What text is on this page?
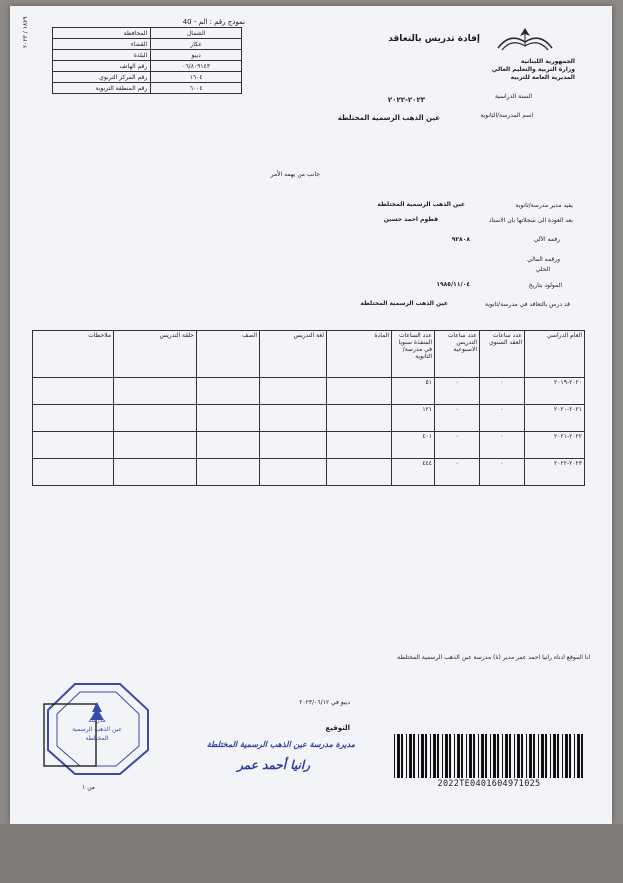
نموذج رقم : الم - 40
١٨٧٩ / ٢٠٢٣
المحافظة	الشمال
القضاء	عكار
البلدة	ديبو
رقم الهاتف	٠٦/٨٠٩١٤٣
رقم المركز التربوي	١٦٠٤
رقم المنطقة التربوية	٦٠٠٤
الجمهورية اللبنانية
وزارة التربية والتعليم العالي
المديرية العامة للتربية
إفادة تدريس بالتعاقد
السنة الدراسية
٢٠٢٣-٢٠٢٢
اسم المدرسة/الثانوية
عين الذهب الرسمية المختلطة
جانب من يهمه الأمر
يفيد مدير مدرسة/ثانوية
عين الذهب الرسمية المختلطة
بعد العودة الى سجلاتها بان الاستاذ
قطوم احمد حسين
رقمه الآلي
٩٢٨٠٨
ورقمه المالي
الحلي
المولود بتاريخ
١٩٨٥/١١/٠٤
قد درس بالتعاقد في مدرسة/ثانوية
عين الذهب الرسمية المختلطة
العام الدراسي	عدد ساعات العقد السنوي	عدد ساعات التدريس الاسبوعية	عدد الساعات المنفذة سنويا في مدرسة/الثانوية	المادة	لغة التدريس	الصف	حلقة التدريس	ملاحظات
٢٠٢٠-٢٠١٩	٠	٠	٥١					
٢٠٢١-٢٠٢٠	٠	٠	١٢١					
٢٠٢٢-٢٠٢١	٠	٠	٤٠١					
٢٠٢٣-٢٠٢٢	٠	٠	٤٤٤					
انا الموقع ادناه رانيا احمد عمر مدير (ة) مدرسة عين الذهب الرسمية المختلطة
ديبو في ٢٠٢٣/٠٦/١٢
التوقيع
مديرة مدرسة عين الذهب الرسمية المختلطة
رانيا أحمد عمر
من ١
مدرسة
عين الذهب الرسمية المختلطة
2022TE0401604971025
